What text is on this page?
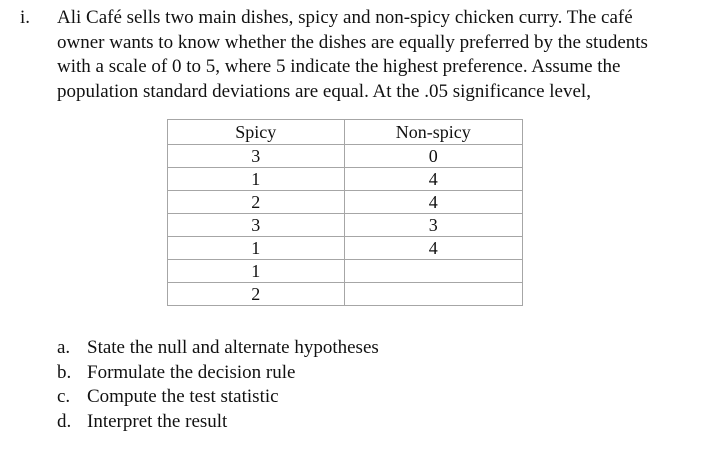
i. Ali Café sells two main dishes, spicy and non-spicy chicken curry. The café
owner wants to know whether the dishes are equally preferred by the students
with a scale of 0 to 5, where 5 indicate the highest preference. Assume the
population standard deviations are equal. At the .05 significance level,
Spicy	Non-spicy
3	0
1	4
2	4
3	3
1	4
1	
2	
a. State the null and alternate hypotheses
b. Formulate the decision rule
c. Compute the test statistic
d. Interpret the result
